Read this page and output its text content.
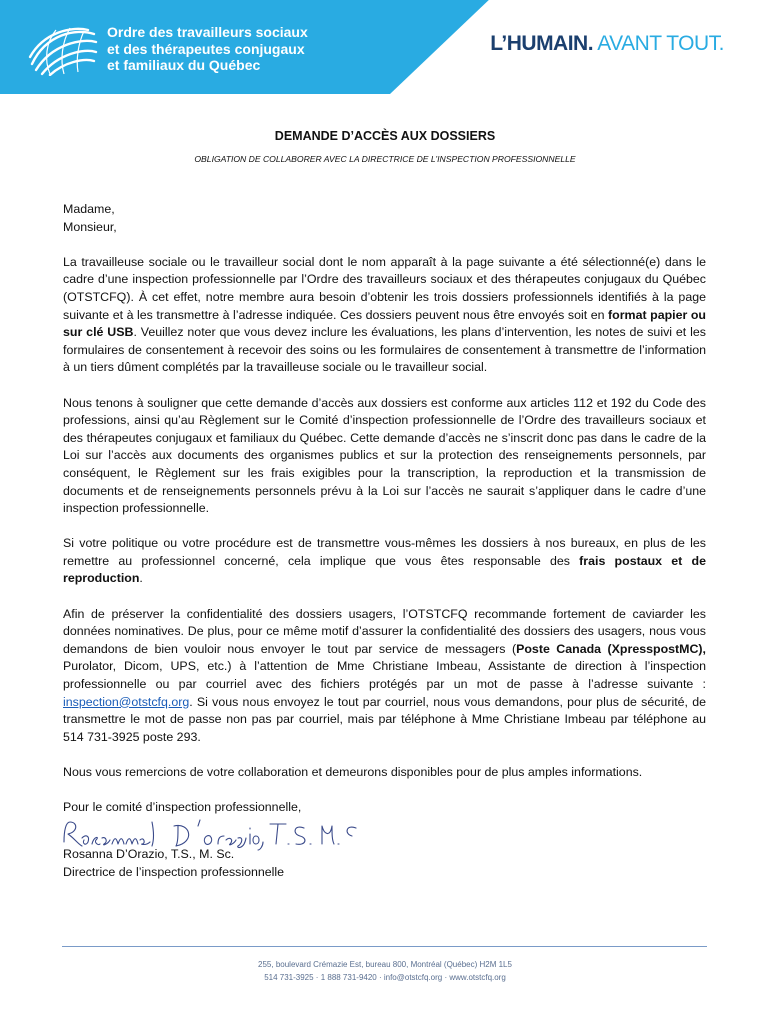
Ordre des travailleurs sociaux
et des thérapeutes conjugaux
et familiaux du Québec
L’HUMAIN. AVANT TOUT.
DEMANDE D’ACCÈS AUX DOSSIERS
OBLIGATION DE COLLABORER AVEC LA DIRECTRICE DE L’INSPECTION PROFESSIONNELLE

Madame,

Monsieur,

La travailleuse sociale ou le travailleur social dont le nom apparaît à la page suivante a été sélectionné(e) dans le cadre d’une inspection professionnelle par l’Ordre des travailleurs sociaux et des thérapeutes conjugaux du Québec (OTSTCFQ). À cet effet, notre membre aura besoin d’obtenir les trois dossiers professionnels identifiés à la page suivante et à les transmettre à l’adresse indiquée. Ces dossiers peuvent nous être envoyés soit en format papier ou sur clé USB. Veuillez noter que vous devez inclure les évaluations, les plans d’intervention, les notes de suivi et les formulaires de consentement à recevoir des soins ou les formulaires de consentement à transmettre de l’information à un tiers dûment complétés par la travailleuse sociale ou le travailleur social.

Nous tenons à souligner que cette demande d’accès aux dossiers est conforme aux articles 112 et 192 du Code des professions, ainsi qu’au Règlement sur le Comité d’inspection professionnelle de l’Ordre des travailleurs sociaux et des thérapeutes conjugaux et familiaux du Québec. Cette demande d’accès ne s’inscrit donc pas dans le cadre de la Loi sur l’accès aux documents des organismes publics et sur la protection des renseignements personnels, par conséquent, le Règlement sur les frais exigibles pour la transcription, la reproduction et la transmission de documents et de renseignements personnels prévu à la Loi sur l’accès ne saurait s’appliquer dans le cadre d’une inspection professionnelle.

Si votre politique ou votre procédure est de transmettre vous-mêmes les dossiers à nos bureaux, en plus de les remettre au professionnel concerné, cela implique que vous êtes responsable des frais postaux et de reproduction.

Afin de préserver la confidentialité des dossiers usagers, l’OTSTCFQ recommande fortement de caviarder les données nominatives. De plus, pour ce même motif d’assurer la confidentialité des dossiers des usagers, nous vous demandons de bien vouloir nous envoyer le tout par service de messagers (Poste Canada (XpresspostMC), Purolator, Dicom, UPS, etc.) à l’attention de Mme Christiane Imbeau, Assistante de direction à l’inspection professionnelle ou par courriel avec des fichiers protégés par un mot de passe à l’adresse suivante : inspection@otstcfq.org. Si vous nous envoyez le tout par courriel, nous vous demandons, pour plus de sécurité, de transmettre le mot de passe non pas par courriel, mais par téléphone à Mme Christiane Imbeau par téléphone au 514 731-3925 poste 293.

Nous vous remercions de votre collaboration et demeurons disponibles pour de plus amples informations.

Pour le comité d’inspection professionnelle,

Rosanna D’Orazio, T.S., M. Sc.
Directrice de l’inspection professionnelle
255, boulevard Crémazie Est, bureau 800, Montréal (Québec) H2M 1L5
514 731-3925 · 1 888 731-9420 · info@otstcfq.org · www.otstcfq.org
